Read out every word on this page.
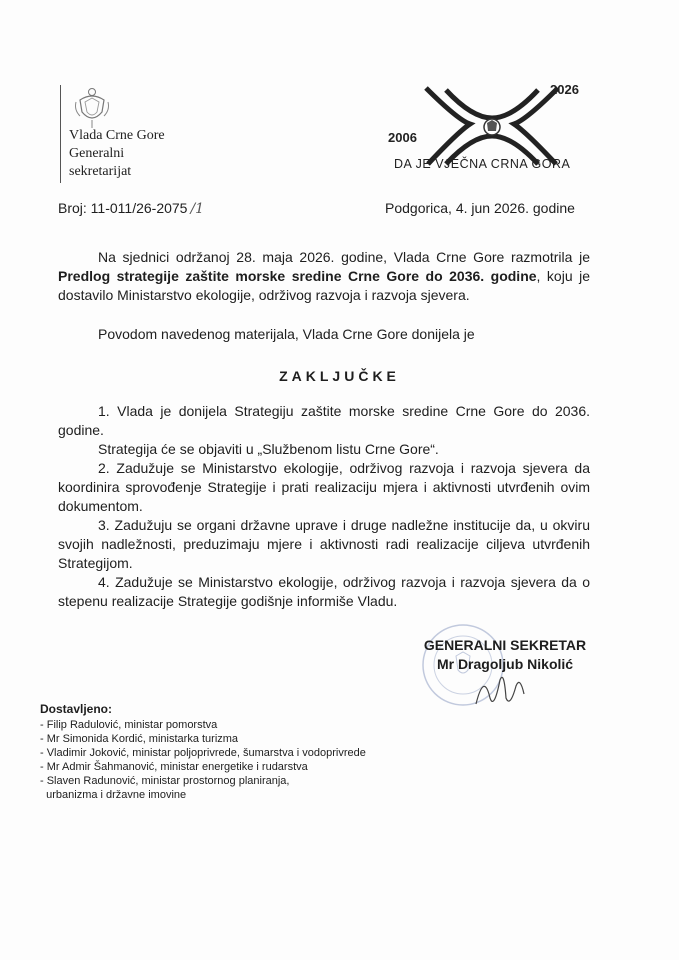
Vlada Crne Gore
Generalni
sekretarijat
2026
2006
DA JE VJEČNA CRNA GORA
Broj: 11-011/26-2075 /1	Podgorica, 4. jun 2026. godine
Na sjednici održanoj 28. maja 2026. godine, Vlada Crne Gore razmotrila je Predlog strategije zaštite morske sredine Crne Gore do 2036. godine, koju je dostavilo Ministarstvo ekologije, održivog razvoja i razvoja sjevera.
Povodom navedenog materijala, Vlada Crne Gore donijela je
ZAKLJUČKE
1. Vlada je donijela Strategiju zaštite morske sredine Crne Gore do 2036. godine.
Strategija će se objaviti u „Službenom listu Crne Gore“.
2. Zadužuje se Ministarstvo ekologije, održivog razvoja i razvoja sjevera da koordinira sprovođenje Strategije i prati realizaciju mjera i aktivnosti utvrđenih ovim dokumentom.
3. Zadužuju se organi državne uprave i druge nadležne institucije da, u okviru svojih nadležnosti, preduzimaju mjere i aktivnosti radi realizacije ciljeva utvrđenih Strategijom.
4. Zadužuje se Ministarstvo ekologije, održivog razvoja i razvoja sjevera da o stepenu realizacije Strategije godišnje informiše Vladu.
GENERALNI SEKRETAR
Mr Dragoljub Nikolić
Dostavljeno:
- Filip Radulović, ministar pomorstva
- Mr Simonida Kordić, ministarka turizma
- Vladimir Joković, ministar poljoprivrede, šumarstva i vodoprivrede
- Mr Admir Šahmanović, ministar energetike i rudarstva
- Slaven Radunović, ministar prostornog planiranja,
urbanizma i državne imovine
